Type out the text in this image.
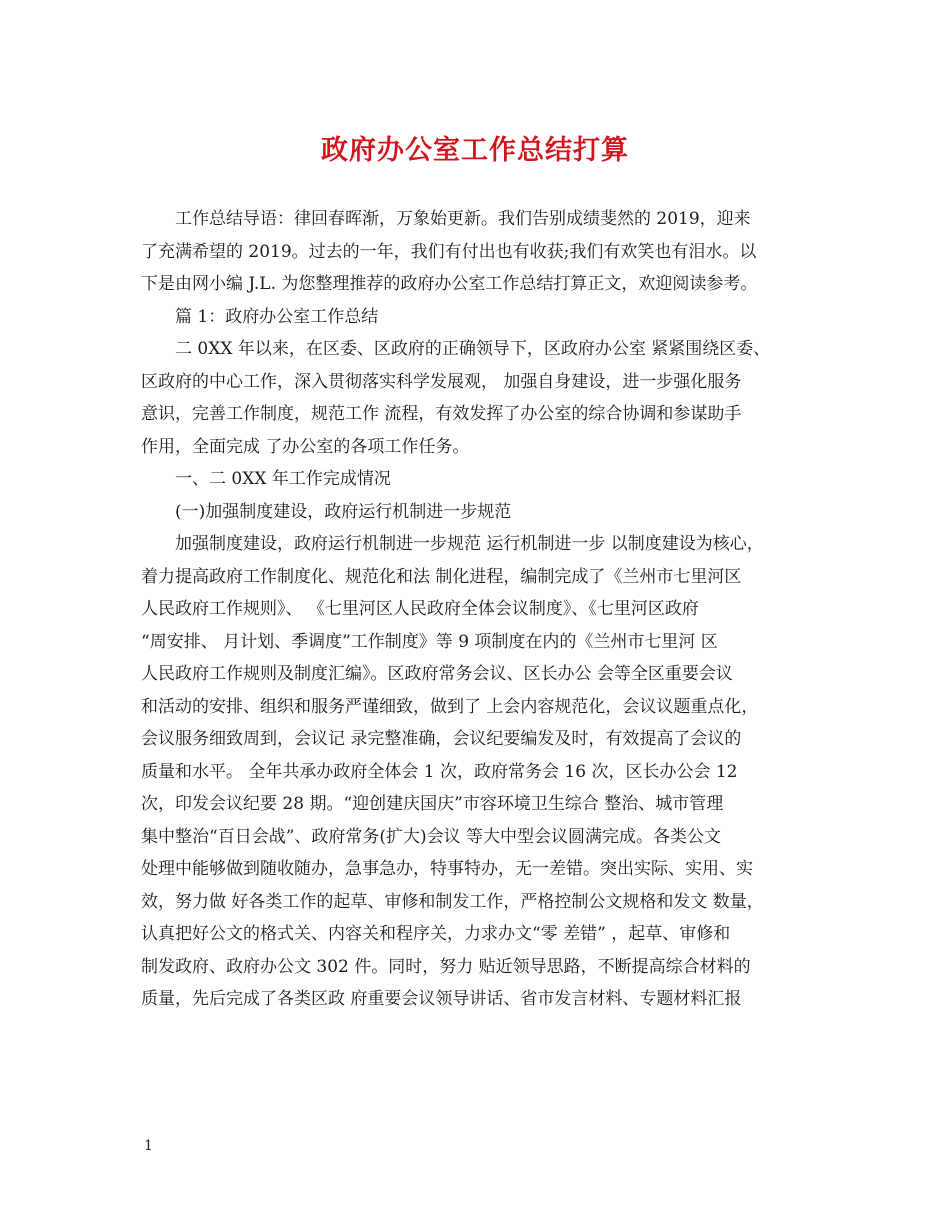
政府办公室工作总结打算
工作总结导语：律回春晖渐，万象始更新。我们告别成绩斐然的 2019，迎来
了充满希望的 2019。过去的一年，我们有付出也有收获;我们有欢笑也有泪水。以
下是由网小编 J.L. 为您整理推荐的政府办公室工作总结打算正文，欢迎阅读参考。
篇 1：政府办公室工作总结
二 0XX 年以来，在区委、区政府的正确领导下，区政府办公室 紧紧围绕区委、
区政府的中心工作，深入贯彻落实科学发展观， 加强自身建设，进一步强化服务
意识，完善工作制度，规范工作 流程，有效发挥了办公室的综合协调和参谋助手
作用，全面完成 了办公室的各项工作任务。
一、二 0XX 年工作完成情况
(一)加强制度建设，政府运行机制进一步规范
加强制度建设，政府运行机制进一步规范 运行机制进一步 以制度建设为核心，
着力提高政府工作制度化、规范化和法 制化进程，编制完成了《兰州市七里河区
人民政府工作规则》、 《七里河区人民政府全体会议制度》、《七里河区政府
“周安排、 月计划、季调度”工作制度》等 9 项制度在内的《兰州市七里河 区
人民政府工作规则及制度汇编》。区政府常务会议、区长办公 会等全区重要会议
和活动的安排、组织和服务严谨细致，做到了 上会内容规范化，会议议题重点化，
会议服务细致周到，会议记 录完整准确，会议纪要编发及时，有效提高了会议的
质量和水平。 全年共承办政府全体会 1 次，政府常务会 16 次，区长办公会 12
次，印发会议纪要 28 期。“迎创建庆国庆”市容环境卫生综合 整治、城市管理
集中整治“百日会战”、政府常务(扩大)会议 等大中型会议圆满完成。各类公文
处理中能够做到随收随办，急事急办，特事特办，无一差错。突出实际、实用、实
效，努力做 好各类工作的起草、审修和制发工作，严格控制公文规格和发文 数量，
认真把好公文的格式关、内容关和程序关，力求办文“零 差错” ，起草、审修和
制发政府、政府办公文 302 件。同时，努力 贴近领导思路，不断提高综合材料的
质量，先后完成了各类区政 府重要会议领导讲话、省市发言材料、专题材料汇报
1
